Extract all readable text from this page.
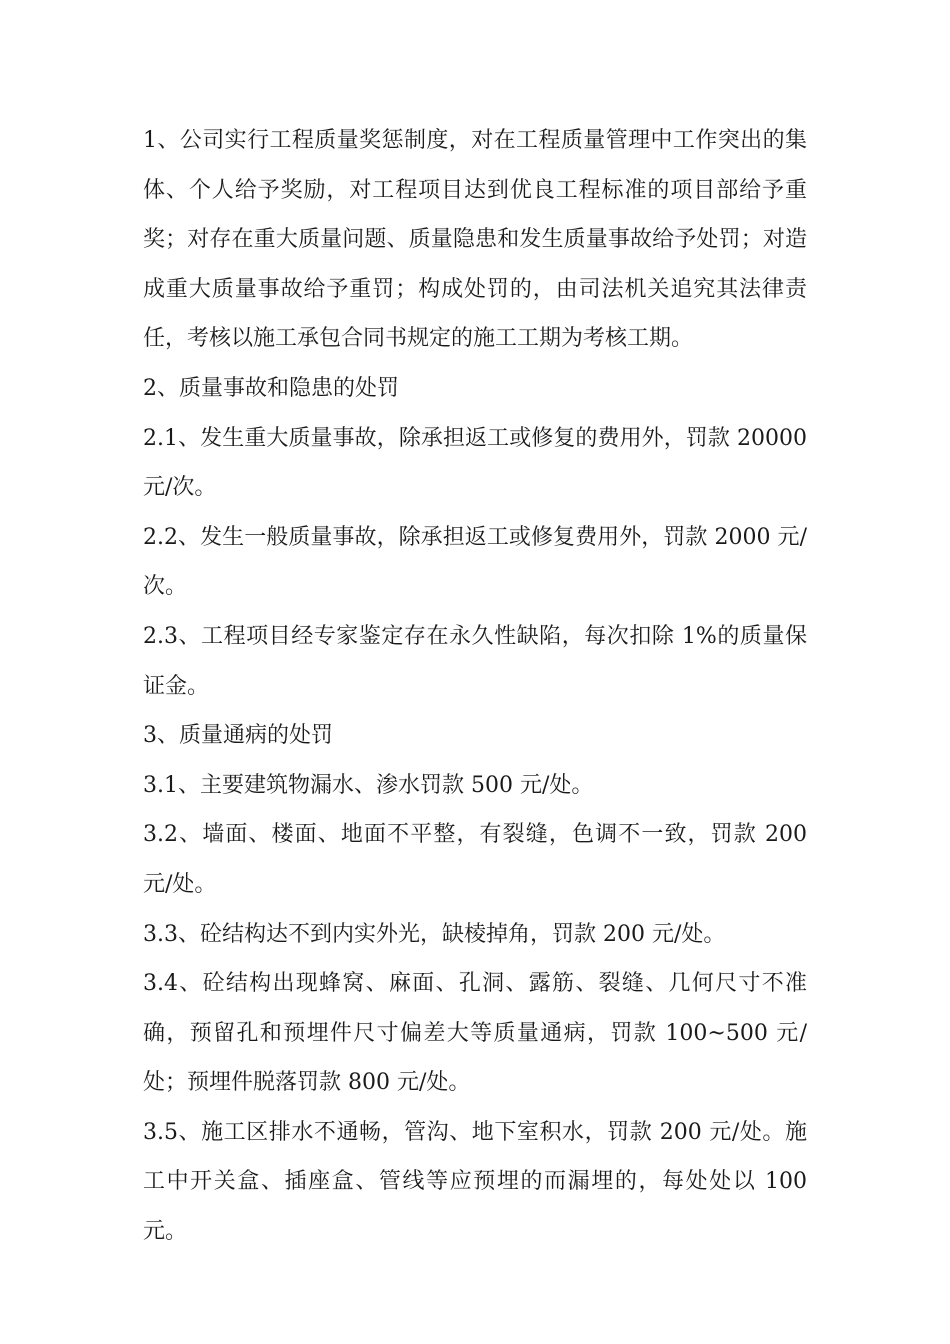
1、公司实行工程质量奖惩制度，对在工程质量管理中工作突出的集体、个人给予奖励，对工程项目达到优良工程标准的项目部给予重奖；对存在重大质量问题、质量隐患和发生质量事故给予处罚；对造成重大质量事故给予重罚；构成处罚的，由司法机关追究其法律责任，考核以施工承包合同书规定的施工工期为考核工期。

2、质量事故和隐患的处罚

2.1、发生重大质量事故，除承担返工或修复的费用外，罚款 20000 元/次。

2.2、发生一般质量事故，除承担返工或修复费用外，罚款 2000 元/次。

2.3、工程项目经专家鉴定存在永久性缺陷，每次扣除 1%的质量保证金。

3、质量通病的处罚

3.1、主要建筑物漏水、渗水罚款 500 元/处。

3.2、墙面、楼面、地面不平整，有裂缝，色调不一致，罚款 200 元/处。

3.3、砼结构达不到内实外光，缺棱掉角，罚款 200 元/处。

3.4、砼结构出现蜂窝、麻面、孔洞、露筋、裂缝、几何尺寸不准确，预留孔和预埋件尺寸偏差大等质量通病，罚款 100~500 元/处；预埋件脱落罚款 800 元/处。

3.5、施工区排水不通畅，管沟、地下室积水，罚款 200 元/处。施工中开关盒、插座盒、管线等应预埋的而漏埋的，每处处以 100 元。
